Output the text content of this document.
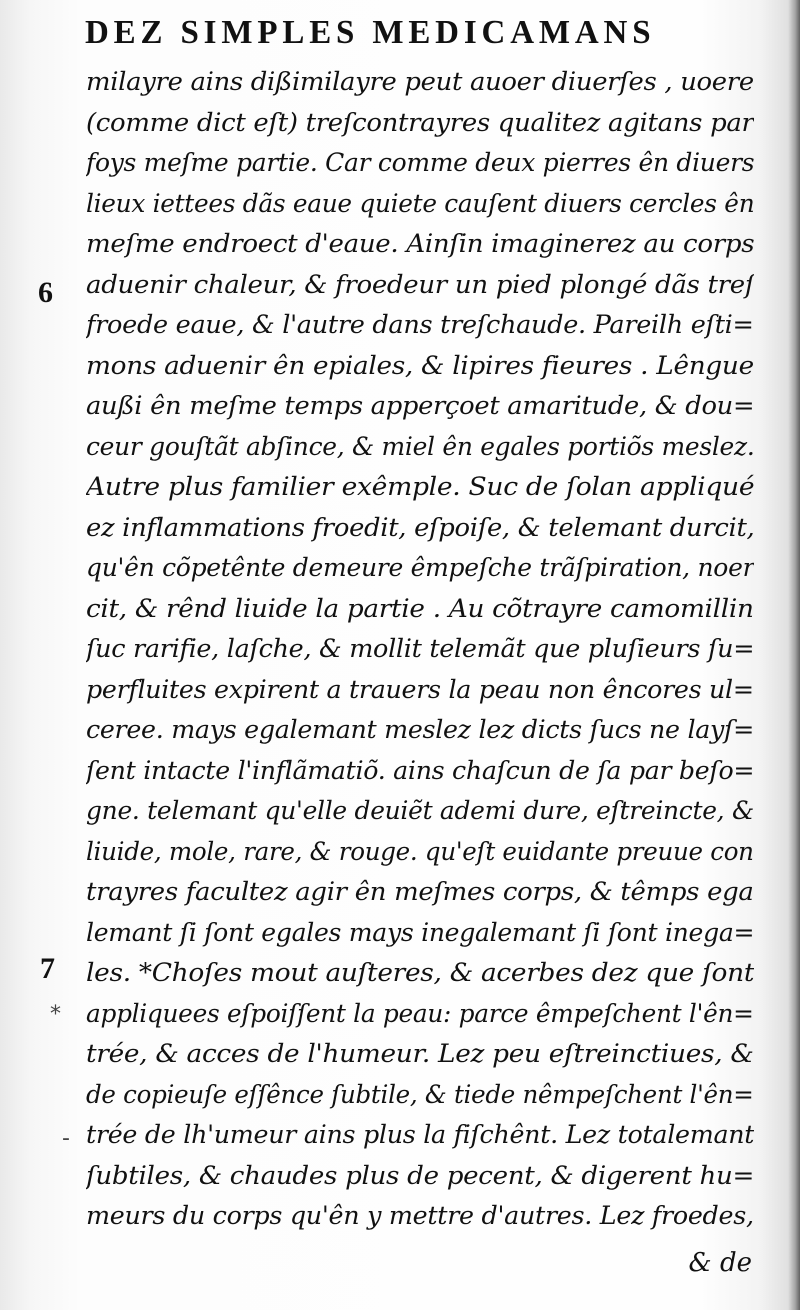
DEZ SIMPLES MEDICAMANS
milayre ains dißimilayre peut auoer diuerſes , uoere
(comme dict eſt) treſcontrayres qualitez agitans par
foys meſme partie. Car comme deux pierres ên diuers
lieux iettees dãs eaue quiete cauſent diuers cercles ên
meſme endroect d'eaue. Ainſin imaginerez au corps
aduenir chaleur, & froedeur un pied plongé dãs treſ
froede eaue, & l'autre dans treſchaude. Pareilh eſti=
mons aduenir ên epiales, & lipires fieures . Lêngue
außi ên meſme temps apperçoet amaritude, & dou=
ceur gouſtãt abſince, & miel ên egales portiõs meslez.
Autre plus familier exêmple. Suc de ſolan appliqué
ez inflammations froedit, eſpoiſe, & telemant durcit,
qu'ên cõpetênte demeure êmpeſche trãſpiration, noer
cit, & rênd liuide la partie . Au cõtrayre camomillin
ſuc rarifie, laſche, & mollit telemãt que pluſieurs ſu=
perfluites expirent a trauers la peau non êncores ul=
ceree. mays egalemant meslez lez dicts ſucs ne layſ=
ſent intacte l'inflãmatiõ. ains chaſcun de ſa par beſo=
gne. telemant qu'elle deuiẽt ademi dure, eſtreincte, &
liuide, mole, rare, & rouge. qu'eſt euidante preuue con
trayres facultez agir ên meſmes corps, & têmps ega
lemant ſi ſont egales mays inegalemant ſi ſont inega=
les. *Choſes mout auſteres, & acerbes dez que ſont
appliquees eſpoiſſent la peau: parce êmpeſchent l'ên=
trée, & acces de l'humeur. Lez peu eſtreinctiues, &
de copieuſe eſſênce ſubtile, & tiede nêmpeſchent l'ên=
trée de lh'umeur ains plus la fiſchênt. Lez totalemant
ſubtiles, & chaudes plus de pecent, & digerent hu=
meurs du corps qu'ên y mettre d'autres. Lez froedes,
6
7
*
-
& de
